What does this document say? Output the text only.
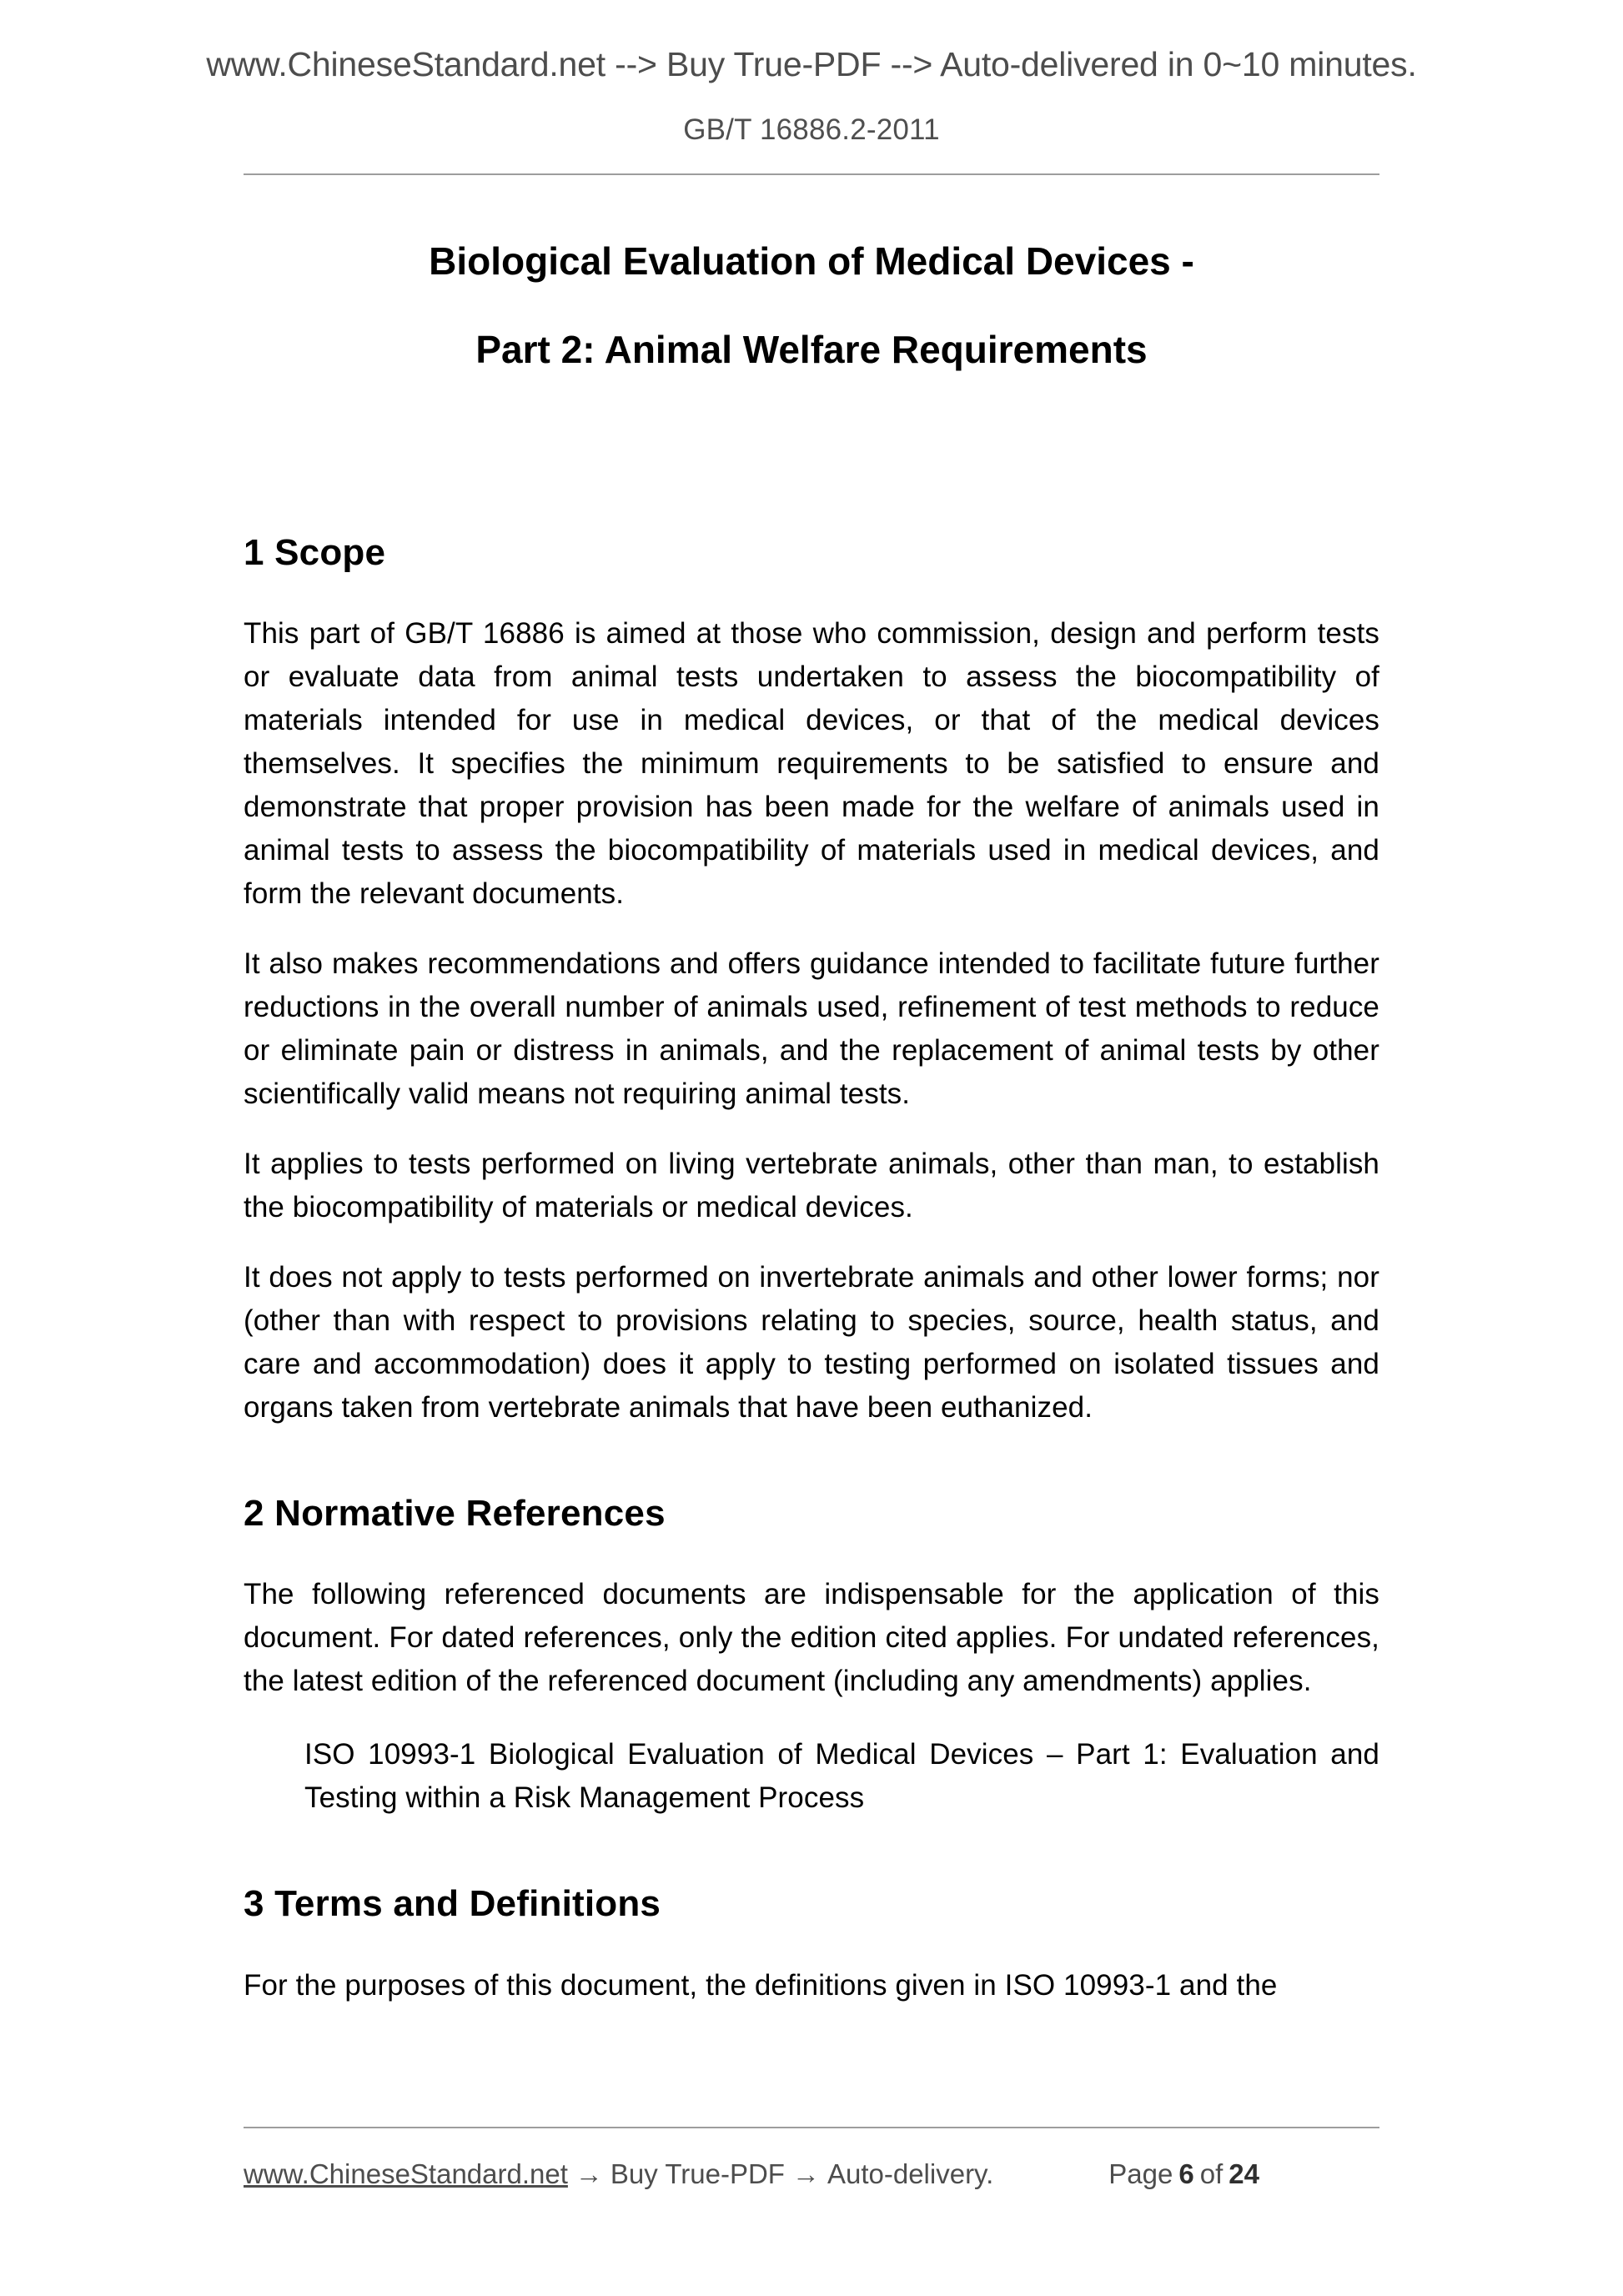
www.ChineseStandard.net --> Buy True-PDF --> Auto-delivered in 0~10 minutes.
GB/T 16886.2-2011
Biological Evaluation of Medical Devices -
Part 2: Animal Welfare Requirements
1 Scope

This part of GB/T 16886 is aimed at those who commission, design and perform tests or evaluate data from animal tests undertaken to assess the biocompatibility of materials intended for use in medical devices, or that of the medical devices themselves. It specifies the minimum requirements to be satisfied to ensure and demonstrate that proper provision has been made for the welfare of animals used in animal tests to assess the biocompatibility of materials used in medical devices, and form the relevant documents.

It also makes recommendations and offers guidance intended to facilitate future further reductions in the overall number of animals used, refinement of test methods to reduce or eliminate pain or distress in animals, and the replacement of animal tests by other scientifically valid means not requiring animal tests.

It applies to tests performed on living vertebrate animals, other than man, to establish the biocompatibility of materials or medical devices.

It does not apply to tests performed on invertebrate animals and other lower forms; nor (other than with respect to provisions relating to species, source, health status, and care and accommodation) does it apply to testing performed on isolated tissues and organs taken from vertebrate animals that have been euthanized.

2 Normative References

The following referenced documents are indispensable for the application of this document. For dated references, only the edition cited applies. For undated references, the latest edition of the referenced document (including any amendments) applies.

ISO 10993-1 Biological Evaluation of Medical Devices – Part 1: Evaluation and Testing within a Risk Management Process

3 Terms and Definitions

For the purposes of this document, the definitions given in ISO 10993-1 and the

www.ChineseStandard.net → Buy True-PDF → Auto-delivery.	Page 6 of 24
